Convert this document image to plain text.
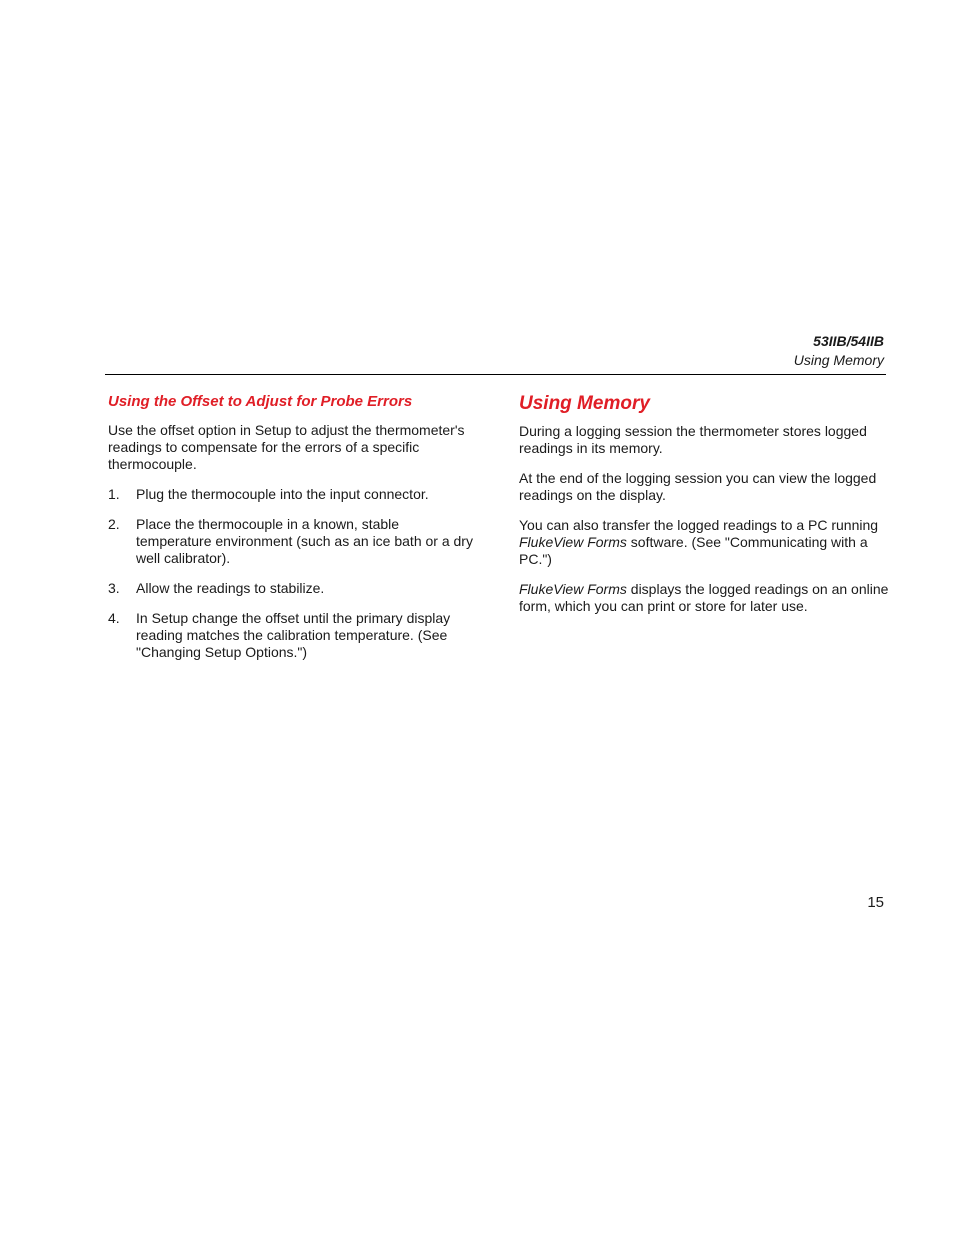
53IIB/54IIB
Using Memory
Using the Offset to Adjust for Probe Errors

Use the offset option in Setup to adjust the thermometer's readings to compensate for the errors of a specific thermocouple.

1. Plug the thermocouple into the input connector.
2. Place the thermocouple in a known, stable temperature environment (such as an ice bath or a dry well calibrator).
3. Allow the readings to stabilize.
4. In Setup change the offset until the primary display reading matches the calibration temperature. (See "Changing Setup Options.")
Using Memory

During a logging session the thermometer stores logged readings in its memory.

At the end of the logging session you can view the logged readings on the display.

You can also transfer the logged readings to a PC running FlukeView Forms software. (See "Communicating with a PC.")

FlukeView Forms displays the logged readings on an online form, which you can print or store for later use.

15
